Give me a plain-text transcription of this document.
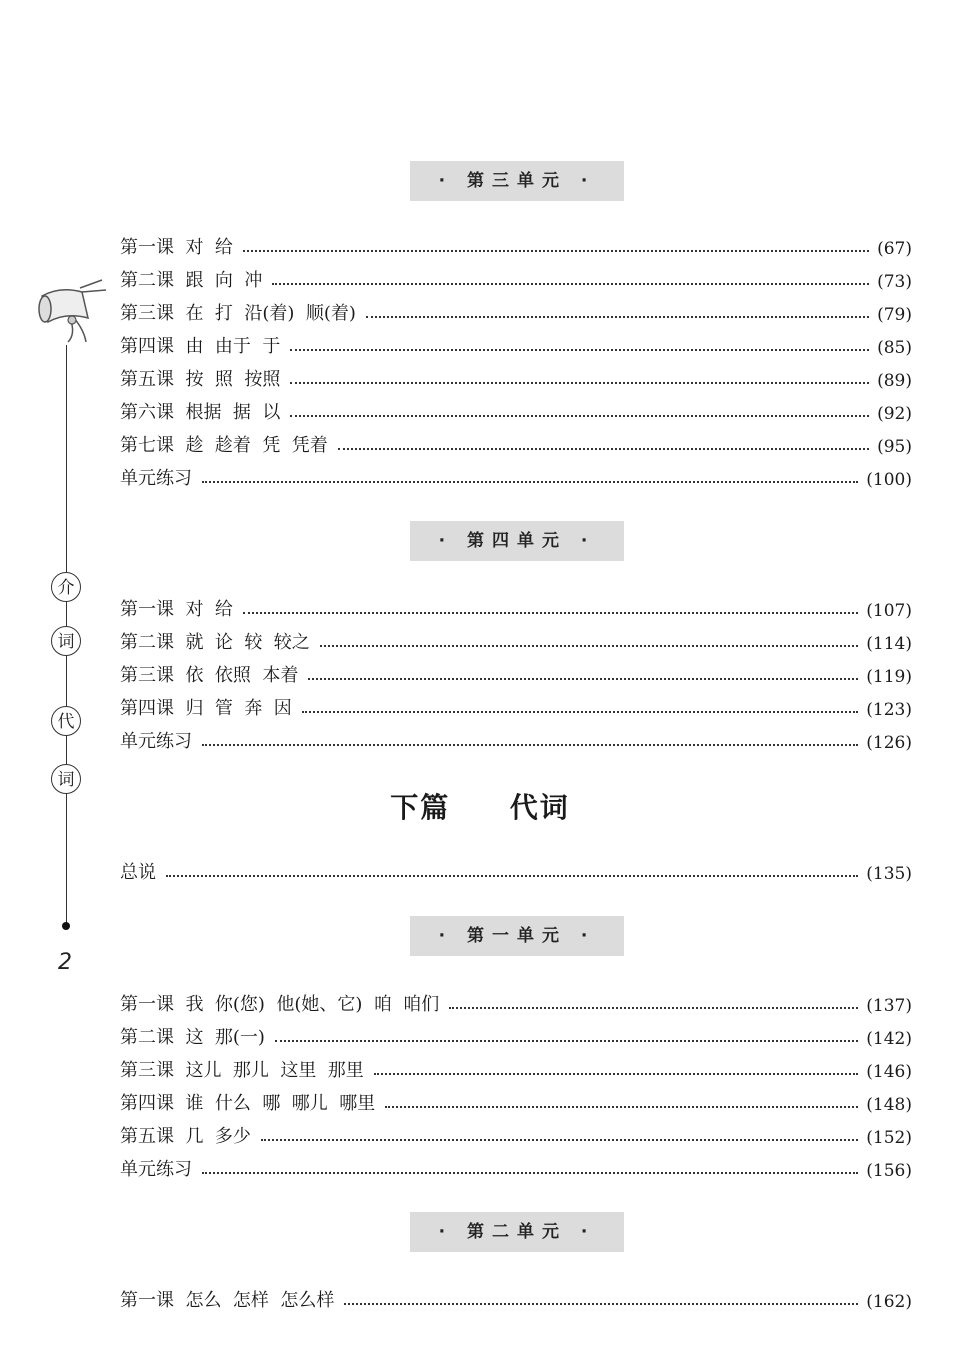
介
词
代
词
2
· 第三单元 ·
第一课  对  给	(67)
第二课  跟  向  冲	(73)
第三课  在  打  沿(着)  顺(着)	(79)
第四课  由  由于  于	(85)
第五课  按  照  按照	(89)
第六课  根据  据  以	(92)
第七课  趁  趁着  凭  凭着	(95)
单元练习	(100)
· 第四单元 ·
第一课  对  给	(107)
第二课  就  论  较  较之	(114)
第三课  依  依照  本着	(119)
第四课  归  管  奔  因	(123)
单元练习	(126)
下篇  代词
总说	(135)
· 第一单元 ·
第一课  我  你(您)  他(她、它)  咱  咱们	(137)
第二课  这  那(一)	(142)
第三课  这儿  那儿  这里  那里	(146)
第四课  谁  什么  哪  哪儿  哪里	(148)
第五课  几  多少	(152)
单元练习	(156)
· 第二单元 ·
第一课  怎么  怎样  怎么样	(162)
